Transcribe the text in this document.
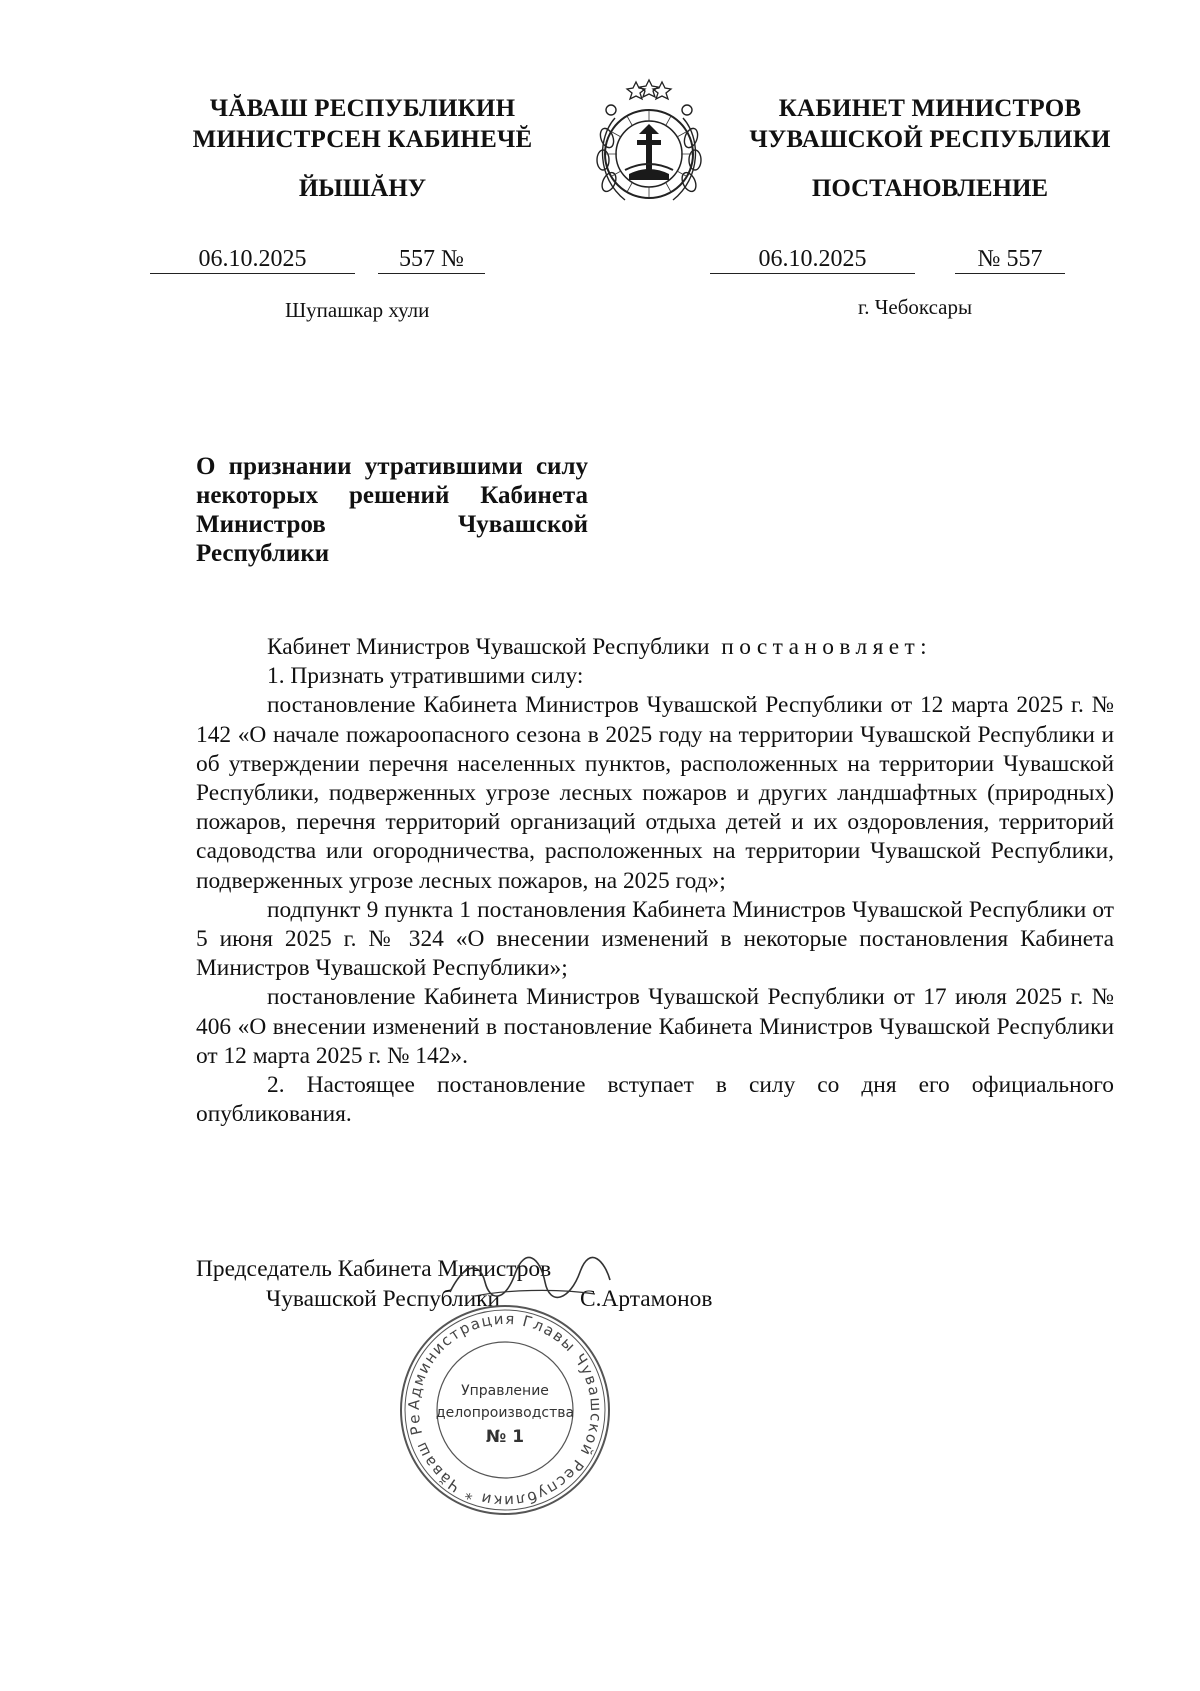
ЧĂВАШ РЕСПУБЛИКИН
МИНИСТРСЕН КАБИНЕЧĔ
ЙЫШĂНУ
КАБИНЕТ МИНИСТРОВ
ЧУВАШСКОЙ РЕСПУБЛИКИ
ПОСТАНОВЛЕНИЕ
06.10.2025	557 №	06.10.2025	№ 557
Шупашкар хули	г. Чебоксары
О признании утратившими силу некоторых решений Кабинета Министров Чувашской Республики

Кабинет Министров Чувашской Республики постановляет:

1. Признать утратившими силу:

постановление Кабинета Министров Чувашской Республики от 12 марта 2025 г. № 142 «О начале пожароопасного сезона в 2025 году на территории Чувашской Республики и об утверждении перечня населенных пунктов, расположенных на территории Чувашской Республики, подверженных угрозе лесных пожаров и других ландшафтных (природных) пожаров, перечня территорий организаций отдыха детей и их оздоровления, территорий садоводства или огородничества, расположенных на территории Чувашской Республики, подверженных угрозе лесных пожаров, на 2025 год»;

подпункт 9 пункта 1 постановления Кабинета Министров Чувашской Республики от 5 июня 2025 г. № 324 «О внесении изменений в некоторые постановления Кабинета Министров Чувашской Республики»;

постановление Кабинета Министров Чувашской Республики от 17 июля 2025 г. № 406 «О внесении изменений в постановление Кабинета Министров Чувашской Республики от 12 марта 2025 г. № 142».

2. Настоящее постановление вступает в силу со дня его официального опубликования.

Председатель Кабинета Министров
Чувашской Республики	С.Артамонов
Администрация Главы Чувашской Республики * Чăваш Ре
Управление
делопроизводства
№ 1
